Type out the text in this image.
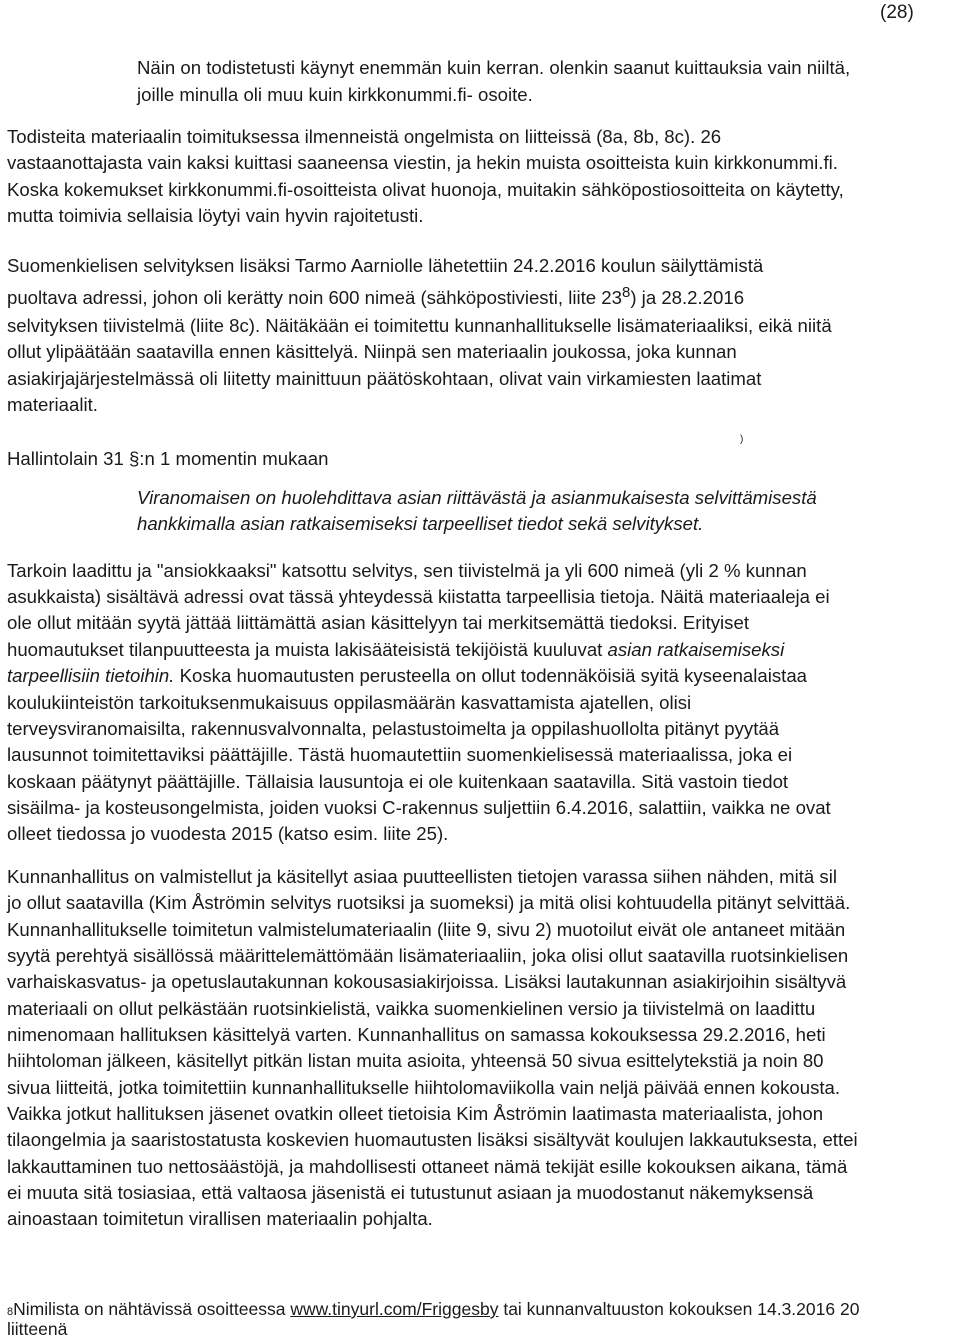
(28)
Näin on todistetusti käynyt enemmän kuin kerran. olenkin saanut kuittauksia vain niiltä,
joille minulla oli muu kuin kirkkonummi.fi- osoite.
Todisteita materiaalin toimituksessa ilmenneistä ongelmista on liitteissä (8a, 8b, 8c). 26
vastaanottajasta vain kaksi kuittasi saaneensa viestin, ja hekin muista osoitteista kuin kirkkonummi.fi.
Koska kokemukset kirkkonummi.fi-osoitteista olivat huonoja, muitakin sähköpostiosoitteita on käytetty,
mutta toimivia sellaisia löytyi vain hyvin rajoitetusti.
Suomenkielisen selvityksen lisäksi Tarmo Aarniolle lähetettiin 24.2.2016 koulun säilyttämistä
puoltava adressi, johon oli kerätty noin 600 nimeä (sähköpostiviesti, liite $23^8$) ja 28.2.2016
selvityksen tiivistelmä (liite 8c). Näitäkään ei toimitettu kunnanhallitukselle lisämateriaaliksi, eikä niitä
ollut ylipäätään saatavilla ennen käsittelyä. Niinpä sen materiaalin joukossa, joka kunnan
asiakirjajärjestelmässä oli liitetty mainittuun päätöskohtaan, olivat vain virkamiesten laatimat
materiaalit.
)
Hallintolain 31 §:n 1 momentin mukaan
Viranomaisen on huolehdittava asian riittävästä ja asianmukaisesta selvittämisestä
hankkimalla asian ratkaisemiseksi tarpeelliset tiedot sekä selvitykset.
Tarkoin laadittu ja "ansiokkaaksi" katsottu selvitys, sen tiivistelmä ja yli 600 nimeä (yli 2 % kunnan
asukkaista) sisältävä adressi ovat tässä yhteydessä kiistatta tarpeellisia tietoja. Näitä materiaaleja ei
ole ollut mitään syytä jättää liittämättä asian käsittelyyn tai merkitsemättä tiedoksi. Erityiset
huomautukset tilanpuutteesta ja muista lakisääteisistä tekijöistä kuuluvat asian ratkaisemiseksi
tarpeellisiin tietoihin. Koska huomautusten perusteella on ollut todennäköisiä syitä kyseenalaistaa
koulukiinteistön tarkoituksenmukaisuus oppilasmäärän kasvattamista ajatellen, olisi
terveysviranomaisilta, rakennusvalvonnalta, pelastustoimelta ja oppilashuollolta pitänyt pyytää
lausunnot toimitettaviksi päättäjille. Tästä huomautettiin suomenkielisessä materiaalissa, joka ei
koskaan päätynyt päättäjille. Tällaisia lausuntoja ei ole kuitenkaan saatavilla. Sitä vastoin tiedot
sisäilma- ja kosteusongelmista, joiden vuoksi C-rakennus suljettiin 6.4.2016, salattiin, vaikka ne ovat
olleet tiedossa jo vuodesta 2015 (katso esim. liite 25).
Kunnanhallitus on valmistellut ja käsitellyt asiaa puutteellisten tietojen varassa siihen nähden, mitä sil
jo ollut saatavilla (Kim Åströmin selvitys ruotsiksi ja suomeksi) ja mitä olisi kohtuudella pitänyt selvittää.
Kunnanhallitukselle toimitetun valmistelumateriaalin (liite 9, sivu 2) muotoilut eivät ole antaneet mitään
syytä perehtyä sisällössä määrittelemättömään lisämateriaaliin, joka olisi ollut saatavilla ruotsinkielisen
varhaiskasvatus- ja opetuslautakunnan kokousasiakirjoissa. Lisäksi lautakunnan asiakirjoihin sisältyvä
materiaali on ollut pelkästään ruotsinkielistä, vaikka suomenkielinen versio ja tiivistelmä on laadittu
nimenomaan hallituksen käsittelyä varten. Kunnanhallitus on samassa kokouksessa 29.2.2016, heti
hiihtoloman jälkeen, käsitellyt pitkän listan muita asioita, yhteensä 50 sivua esittelytekstiä ja noin 80
sivua liitteitä, jotka toimitettiin kunnanhallitukselle hiihtolomaviikolla vain neljä päivää ennen kokousta.
Vaikka jotkut hallituksen jäsenet ovatkin olleet tietoisia Kim Åströmin laatimasta materiaalista, johon
tilaongelmia ja saaristostatusta koskevien huomautusten lisäksi sisältyvät koulujen lakkautuksesta, ettei
lakkauttaminen tuo nettosäästöjä, ja mahdollisesti ottaneet nämä tekijät esille kokouksen aikana, tämä
ei muuta sitä tosiasiaa, että valtaosa jäsenistä ei tutustunut asiaan ja muodostanut näkemyksensä
ainoastaan toimitetun virallisen materiaalin pohjalta.
8Nimilista on nähtävissä osoitteessa www.tinyurl.com/Friggesby tai kunnanvaltuuston kokouksen 14.3.2016 20
liitteenä
